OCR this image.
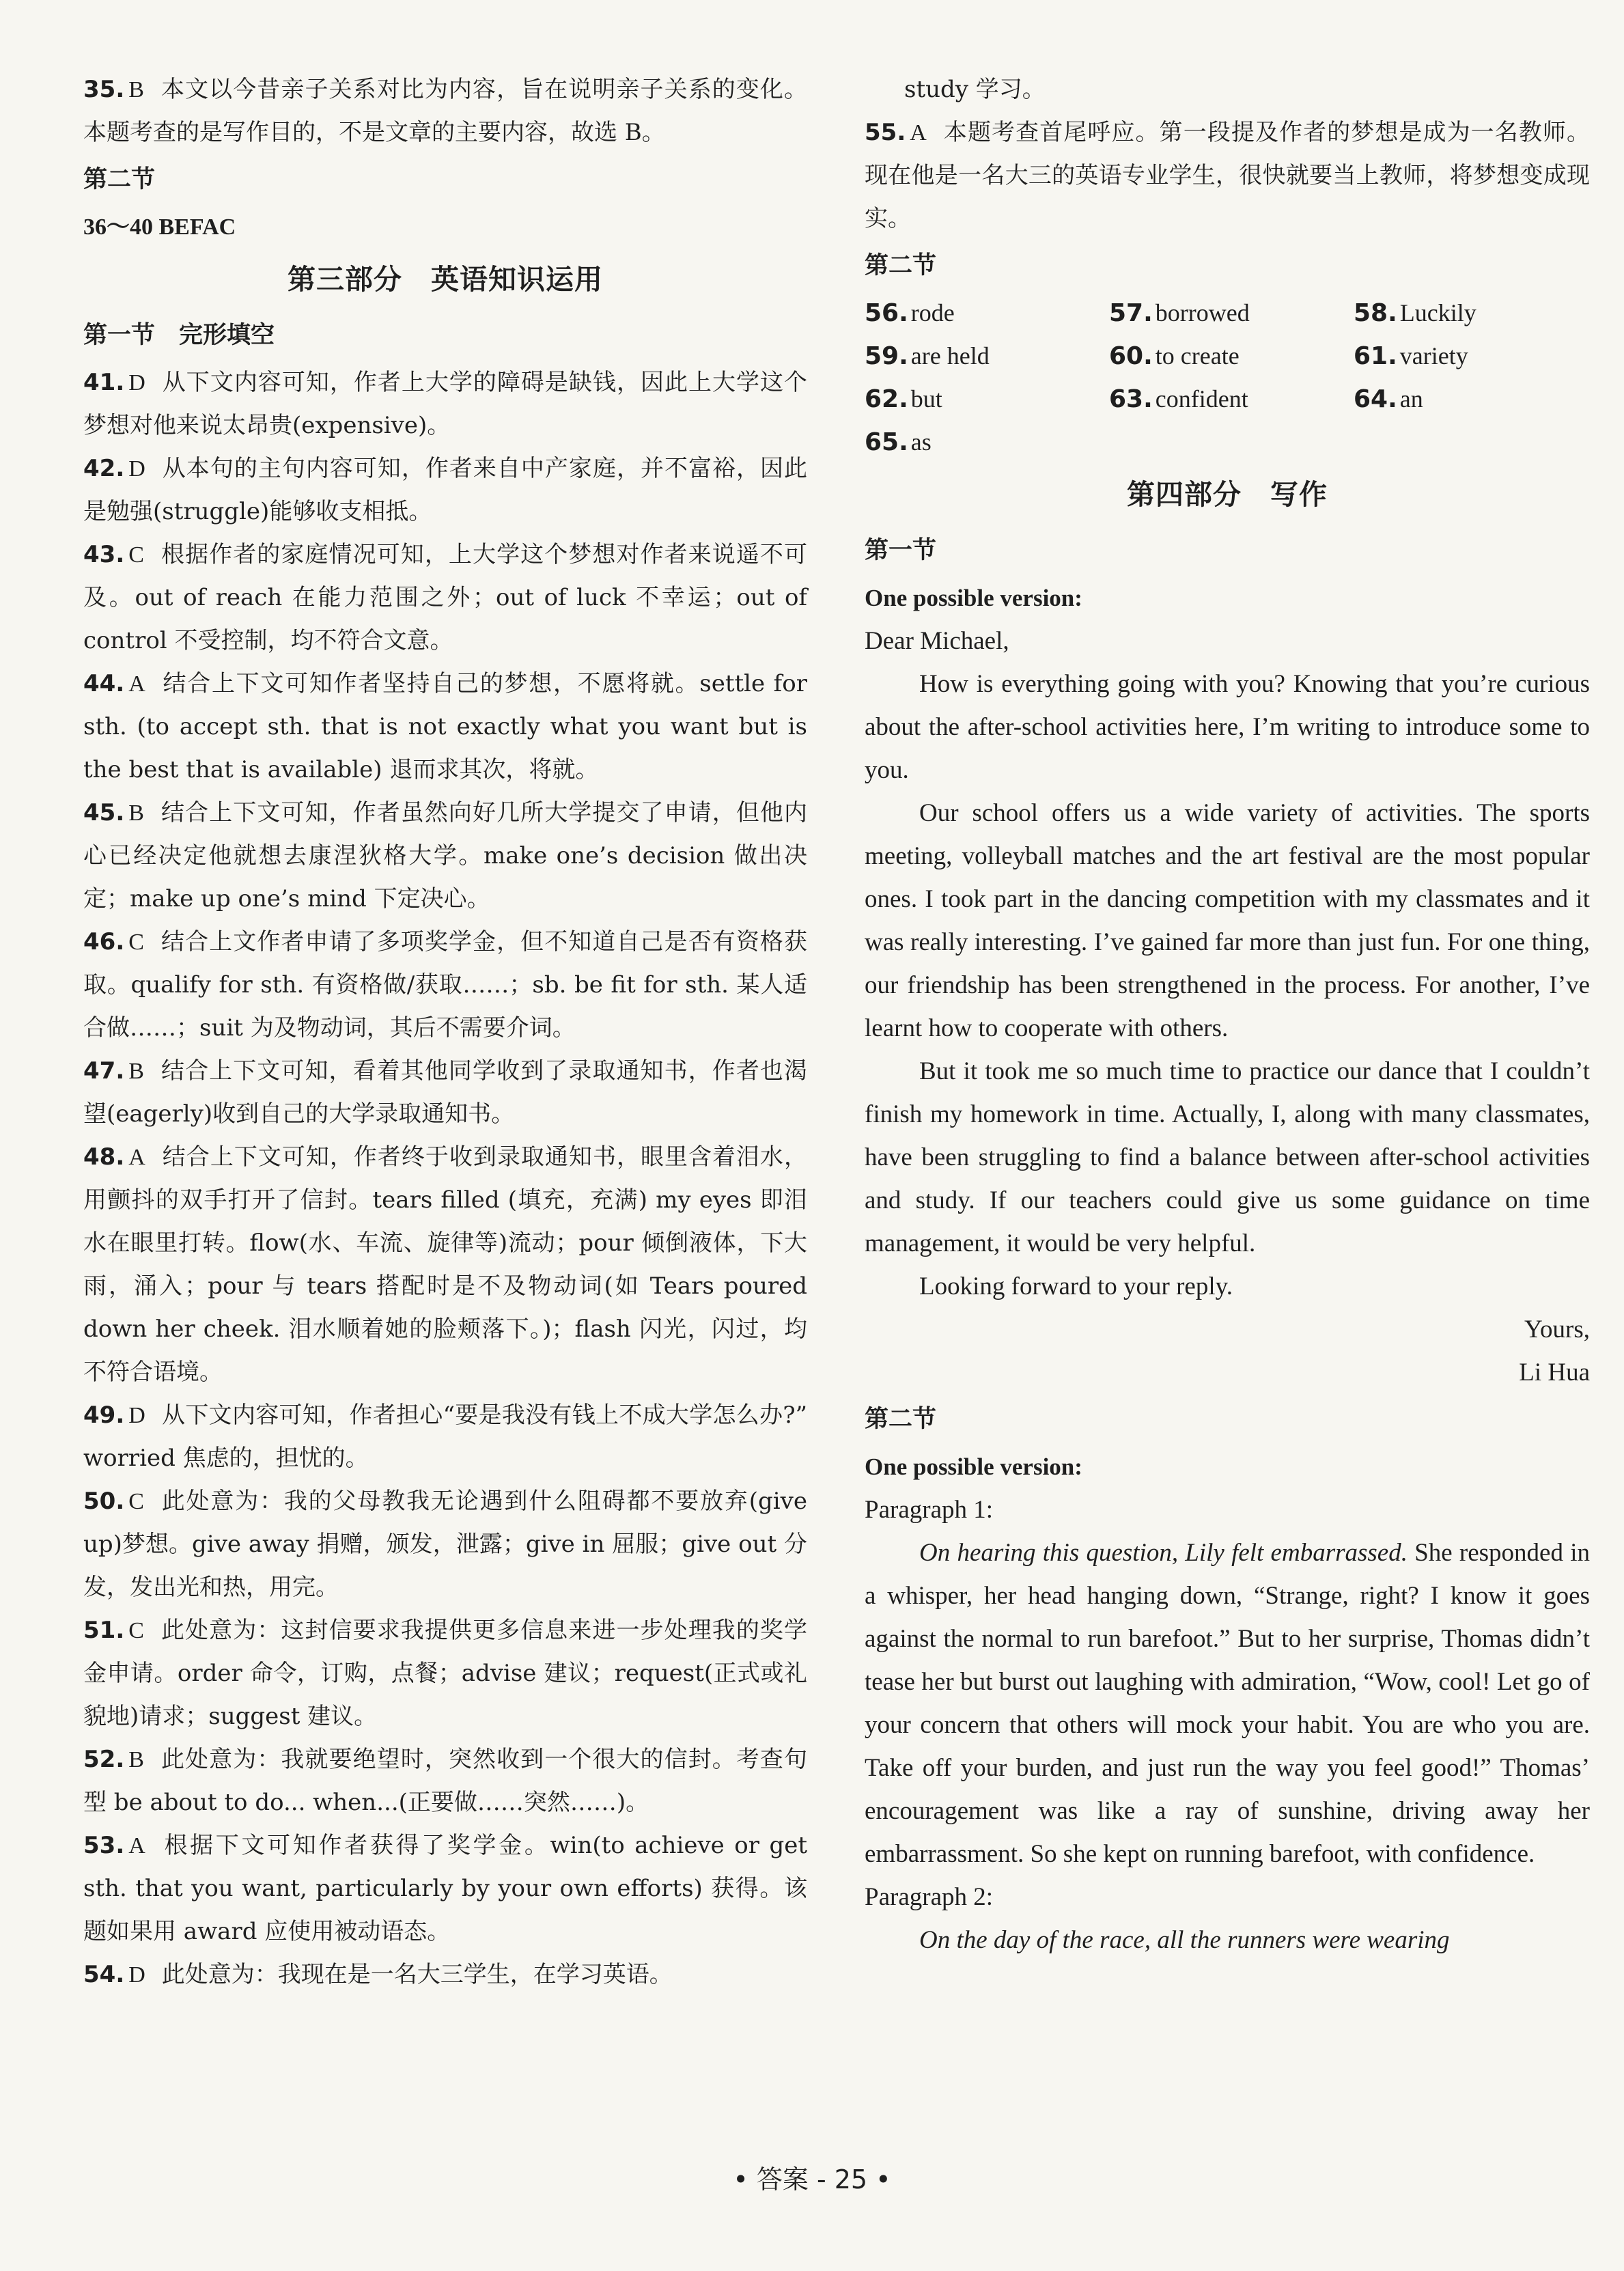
35. B 本文以今昔亲子关系对比为内容，旨在说明亲子关系的变化。本题考查的是写作目的，不是文章的主要内容，故选 B。

第二节

36～40 BEFAC

第三部分　英语知识运用

第一节　完形填空

41. D 从下文内容可知，作者上大学的障碍是缺钱，因此上大学这个梦想对他来说太昂贵(expensive)。

42. D 从本句的主句内容可知，作者来自中产家庭，并不富裕，因此是勉强(struggle)能够收支相抵。

43. C 根据作者的家庭情况可知，上大学这个梦想对作者来说遥不可及。out of reach 在能力范围之外；out of luck 不幸运；out of control 不受控制，均不符合文意。

44. A 结合上下文可知作者坚持自己的梦想，不愿将就。settle for sth. (to accept sth. that is not exactly what you want but is the best that is available) 退而求其次，将就。

45. B 结合上下文可知，作者虽然向好几所大学提交了申请，但他内心已经决定他就想去康涅狄格大学。make one’s decision 做出决定；make up one’s mind 下定决心。

46. C 结合上文作者申请了多项奖学金，但不知道自己是否有资格获取。qualify for sth. 有资格做/获取……；sb. be fit for sth. 某人适合做……；suit 为及物动词，其后不需要介词。

47. B 结合上下文可知，看着其他同学收到了录取通知书，作者也渴望(eagerly)收到自己的大学录取通知书。

48. A 结合上下文可知，作者终于收到录取通知书，眼里含着泪水，用颤抖的双手打开了信封。tears filled (填充，充满) my eyes 即泪水在眼里打转。flow(水、车流、旋律等)流动；pour 倾倒液体，下大雨，涌入；pour 与 tears 搭配时是不及物动词(如 Tears poured down her cheek. 泪水顺着她的脸颊落下。)；flash 闪光，闪过，均不符合语境。

49. D 从下文内容可知，作者担心“要是我没有钱上不成大学怎么办?” worried 焦虑的，担忧的。

50. C 此处意为：我的父母教我无论遇到什么阻碍都不要放弃(give up)梦想。give away 捐赠，颁发，泄露；give in 屈服；give out 分发，发出光和热，用完。

51. C 此处意为：这封信要求我提供更多信息来进一步处理我的奖学金申请。order 命令，订购，点餐；advise 建议；request(正式或礼貌地)请求；suggest 建议。

52. B 此处意为：我就要绝望时，突然收到一个很大的信封。考查句型 be about to do... when...(正要做……突然……)。

53. A 根据下文可知作者获得了奖学金。win(to achieve or get sth. that you want, particularly by your own efforts) 获得。该题如果用 award 应使用被动语态。

54. D 此处意为：我现在是一名大三学生，在学习英语。

study 学习。

55. A 本题考查首尾呼应。第一段提及作者的梦想是成为一名教师。现在他是一名大三的英语专业学生，很快就要当上教师，将梦想变成现实。

第二节

56. rode	57. borrowed	58. Luckily
59. are held	60. to create	61. variety
62. but	63. confident	64. an
65. as

第四部分　写作

第一节

One possible version:

Dear Michael,

How is everything going with you? Knowing that you’re curious about the after-school activities here, I’m writing to introduce some to you.

Our school offers us a wide variety of activities. The sports meeting, volleyball matches and the art festival are the most popular ones. I took part in the dancing competition with my classmates and it was really interesting. I’ve gained far more than just fun. For one thing, our friendship has been strengthened in the process. For another, I’ve learnt how to cooperate with others.

But it took me so much time to practice our dance that I couldn’t finish my homework in time. Actually, I, along with many classmates, have been struggling to find a balance between after-school activities and study. If our teachers could give us some guidance on time management, it would be very helpful.

Looking forward to your reply.

Yours,

Li Hua

第二节

One possible version:

Paragraph 1:

On hearing this question, Lily felt embarrassed. She responded in a whisper, her head hanging down, “Strange, right? I know it goes against the normal to run barefoot.” But to her surprise, Thomas didn’t tease her but burst out laughing with admiration, “Wow, cool! Let go of your concern that others will mock your habit. You are who you are. Take off your burden, and just run the way you feel good!” Thomas’ encouragement was like a ray of sunshine, driving away her embarrassment. So she kept on running barefoot, with confidence.

Paragraph 2:

On the day of the race, all the runners were wearing

• 答案 - 25 •
